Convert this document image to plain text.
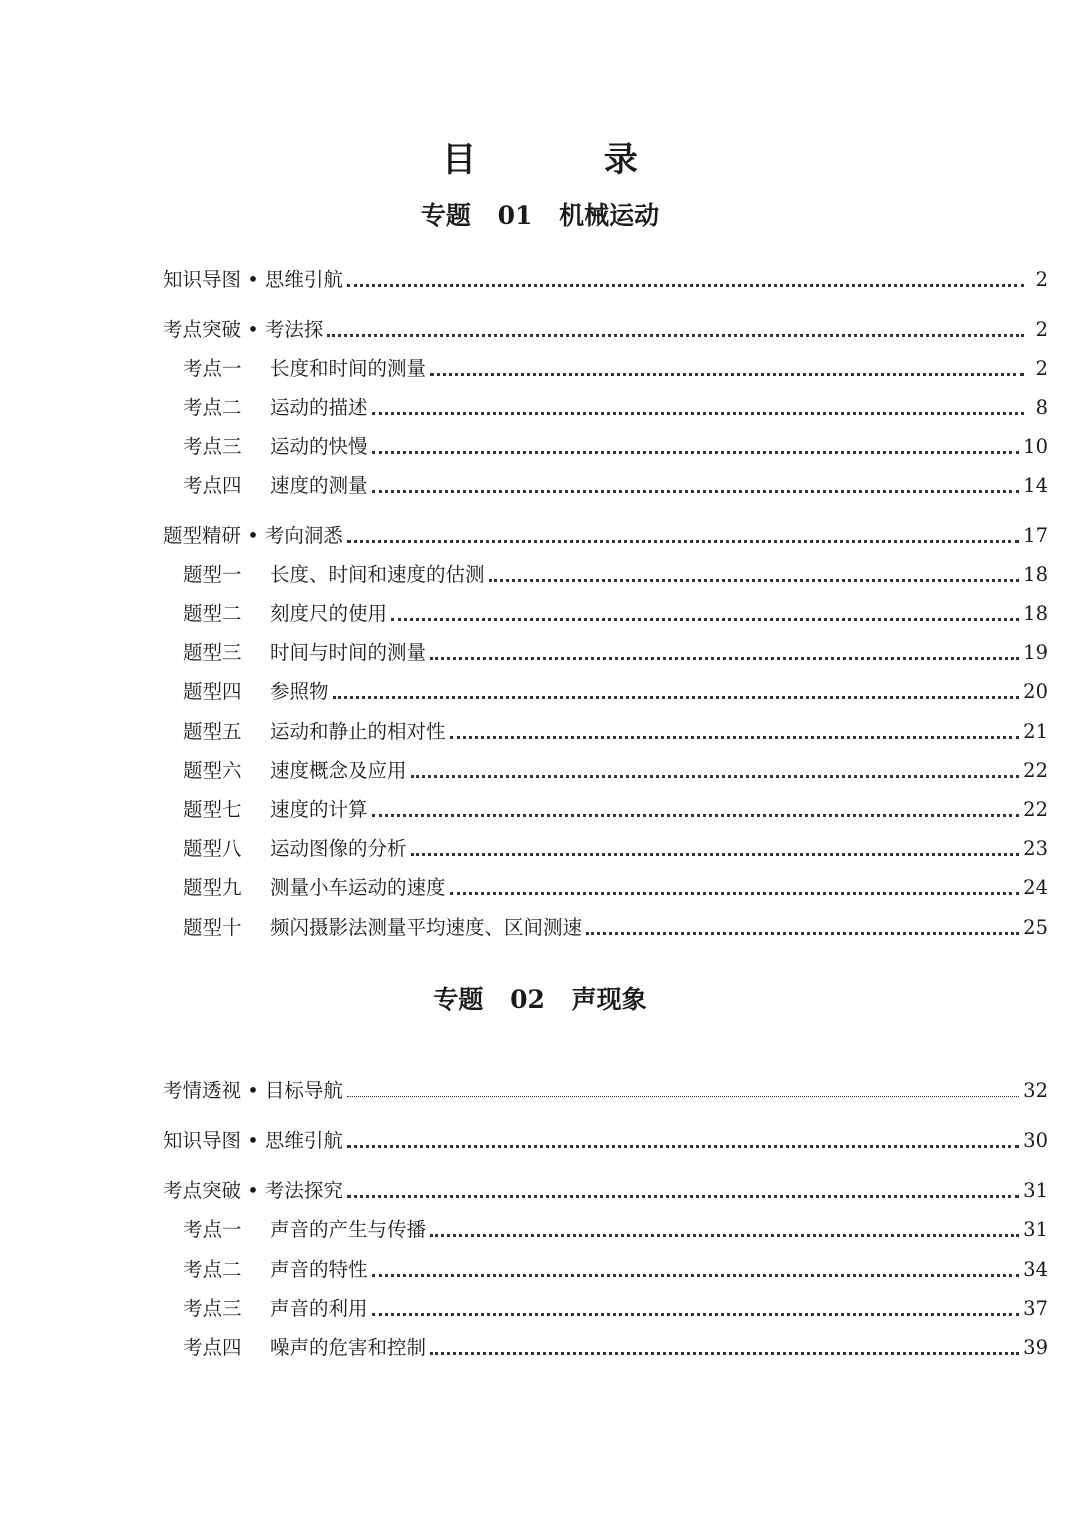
目 录
专题 01 机械运动
知识导图 • 思维引航	2
考点突破 • 考法探	2
考点一	长度和时间的测量	2
考点二	运动的描述	8
考点三	运动的快慢	10
考点四	速度的测量	14
题型精研 • 考向洞悉	17
题型一	长度、时间和速度的估测	18
题型二	刻度尺的使用	18
题型三	时间与时间的测量	19
题型四	参照物	20
题型五	运动和静止的相对性	21
题型六	速度概念及应用	22
题型七	速度的计算	22
题型八	运动图像的分析	23
题型九	测量小车运动的速度	24
题型十	频闪摄影法测量平均速度、区间测速	25
专题 02 声现象
考情透视 • 目标导航	32
知识导图 • 思维引航	30
考点突破 • 考法探究	31
考点一	声音的产生与传播	31
考点二	声音的特性	34
考点三	声音的利用	37
考点四	噪声的危害和控制	39
